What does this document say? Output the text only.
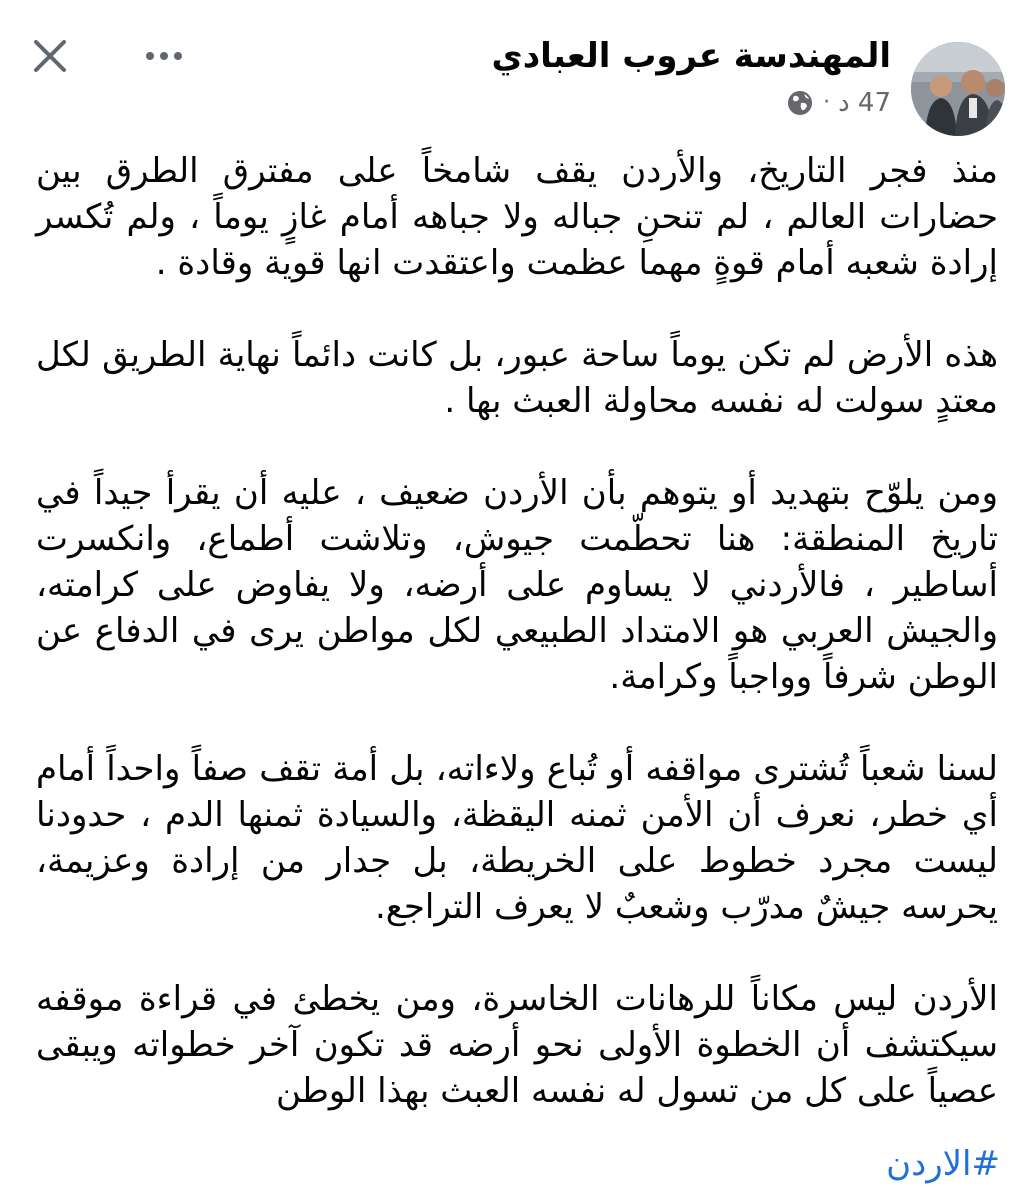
المهندسة عروب العبادي
47 د
·

منذ فجر التاريخ، والأردن يقف شامخاً على مفترق الطرق بين حضارات العالم ، لم تنحنِ جباله ولا جباهه أمام غازٍ يوماً ، ولم تُكسر إرادة شعبه أمام قوةٍ مهما عظمت واعتقدت انها قوية وقادة .

هذه الأرض لم تكن يوماً ساحة عبور، بل كانت دائماً نهاية الطريق لكل معتدٍ سولت له نفسه محاولة العبث بها .

ومن يلوّح بتهديد أو يتوهم بأن الأردن ضعيف ، عليه أن يقرأ جيداً في تاريخ المنطقة: هنا تحطّمت جيوش، وتلاشت أطماع، وانكسرت أساطير ، فالأردني لا يساوم على أرضه، ولا يفاوض على كرامته، والجيش العربي هو الامتداد الطبيعي لكل مواطن يرى في الدفاع عن الوطن شرفاً وواجباً وكرامة.

لسنا شعباً تُشترى مواقفه أو تُباع ولاءاته، بل أمة تقف صفاً واحداً أمام أي خطر، نعرف أن الأمن ثمنه اليقظة، والسيادة ثمنها الدم ، حدودنا ليست مجرد خطوط على الخريطة، بل جدار من إرادة وعزيمة، يحرسه جيشٌ مدرّب وشعبٌ لا يعرف التراجع.

الأردن ليس مكاناً للرهانات الخاسرة، ومن يخطئ في قراءة موقفه سيكتشف أن الخطوة الأولى نحو أرضه قد تكون آخر خطواته ويبقى عصياً على كل من تسول له نفسه العبث بهذا الوطن

#الاردن
